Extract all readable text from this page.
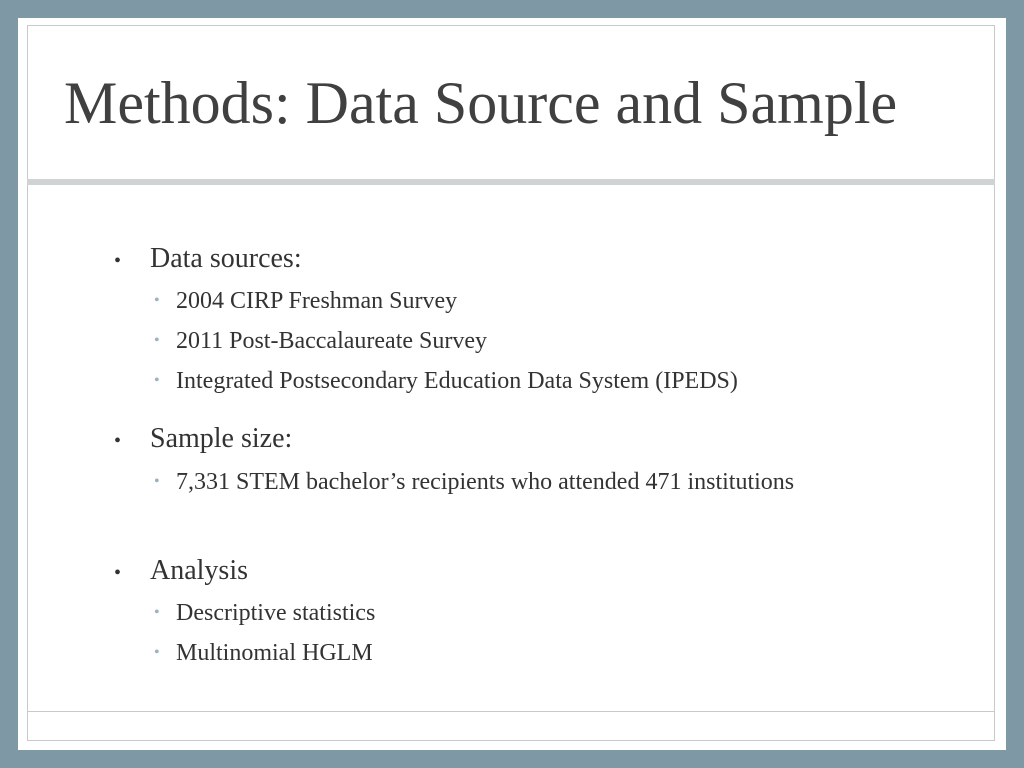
Methods: Data Source and Sample
• Data sources:
• 2004 CIRP Freshman Survey
• 2011 Post-Baccalaureate Survey
• Integrated Postsecondary Education Data System (IPEDS)
• Sample size:
• 7,331 STEM bachelor’s recipients who attended 471 institutions
• Analysis
• Descriptive statistics
• Multinomial HGLM
